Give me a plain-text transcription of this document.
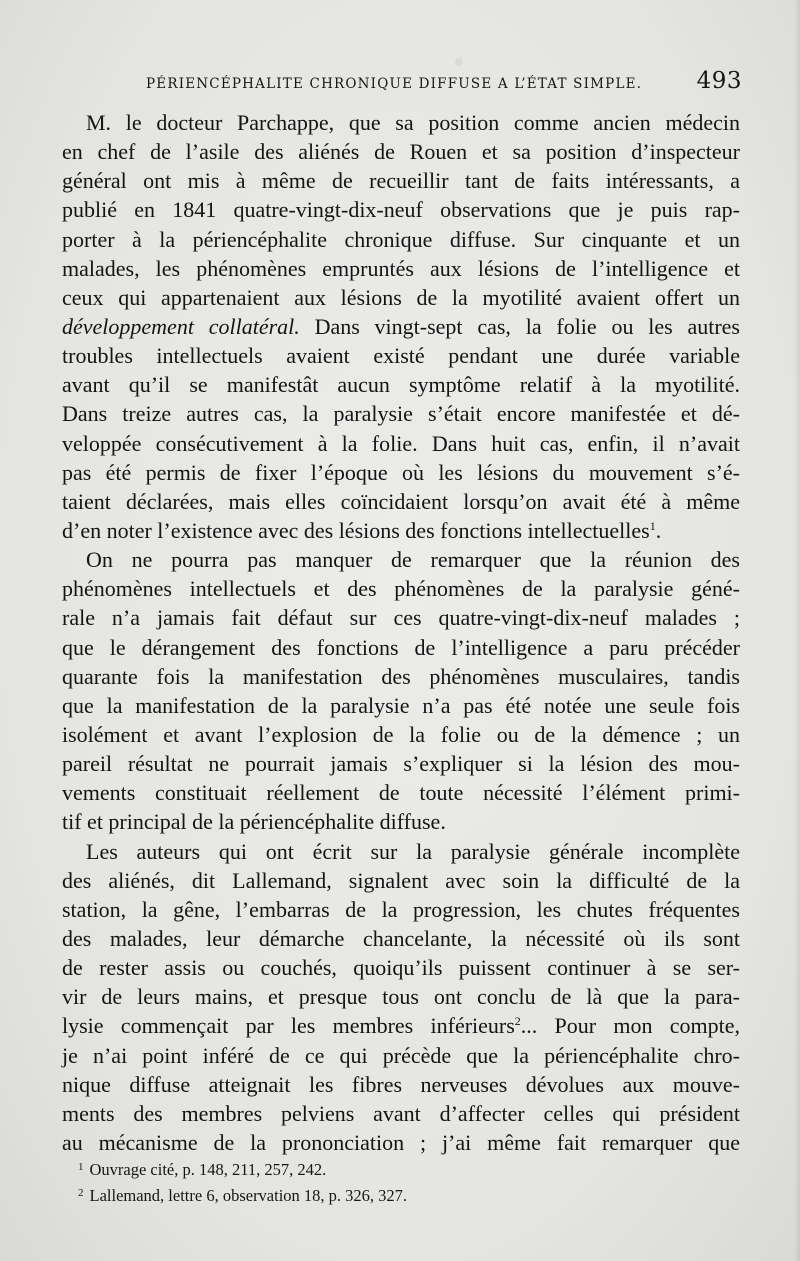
PÉRIENCÉPHALITE CHRONIQUE DIFFUSE A L’ÉTAT SIMPLE. 493
M. le docteur Parchappe, que sa position comme ancien médecin
en chef de l’asile des aliénés de Rouen et sa position d’inspecteur
général ont mis à même de recueillir tant de faits intéressants, a
publié en 1841 quatre-vingt-dix-neuf observations que je puis rap-
porter à la périencéphalite chronique diffuse. Sur cinquante et un
malades, les phénomènes empruntés aux lésions de l’intelligence et
ceux qui appartenaient aux lésions de la myotilité avaient offert un
développement collatéral. Dans vingt-sept cas, la folie ou les autres
troubles intellectuels avaient existé pendant une durée variable
avant qu’il se manifestât aucun symptôme relatif à la myotilité.
Dans treize autres cas, la paralysie s’était encore manifestée et dé-
veloppée consécutivement à la folie. Dans huit cas, enfin, il n’avait
pas été permis de fixer l’époque où les lésions du mouvement s’é-
taient déclarées, mais elles coïncidaient lorsqu’on avait été à même
d’en noter l’existence avec des lésions des fonctions intellectuelles$^1$.
On ne pourra pas manquer de remarquer que la réunion des
phénomènes intellectuels et des phénomènes de la paralysie géné-
rale n’a jamais fait défaut sur ces quatre-vingt-dix-neuf malades ;
que le dérangement des fonctions de l’intelligence a paru précéder
quarante fois la manifestation des phénomènes musculaires, tandis
que la manifestation de la paralysie n’a pas été notée une seule fois
isolément et avant l’explosion de la folie ou de la démence ; un
pareil résultat ne pourrait jamais s’expliquer si la lésion des mou-
vements constituait réellement de toute nécessité l’élément primi-
tif et principal de la périencéphalite diffuse.
Les auteurs qui ont écrit sur la paralysie générale incomplète
des aliénés, dit Lallemand, signalent avec soin la difficulté de la
station, la gêne, l’embarras de la progression, les chutes fréquentes
des malades, leur démarche chancelante, la nécessité où ils sont
de rester assis ou couchés, quoiqu’ils puissent continuer à se ser-
vir de leurs mains, et presque tous ont conclu de là que la para-
lysie commençait par les membres inférieurs$^2$... Pour mon compte,
je n’ai point inféré de ce qui précède que la périencéphalite chro-
nique diffuse atteignait les fibres nerveuses dévolues aux mouve-
ments des membres pelviens avant d’affecter celles qui président
au mécanisme de la prononciation ; j’ai même fait remarquer que
$^1$ Ouvrage cité, p. 148, 211, 257, 242.
$^2$ Lallemand, lettre 6, observation 18, p. 326, 327.
